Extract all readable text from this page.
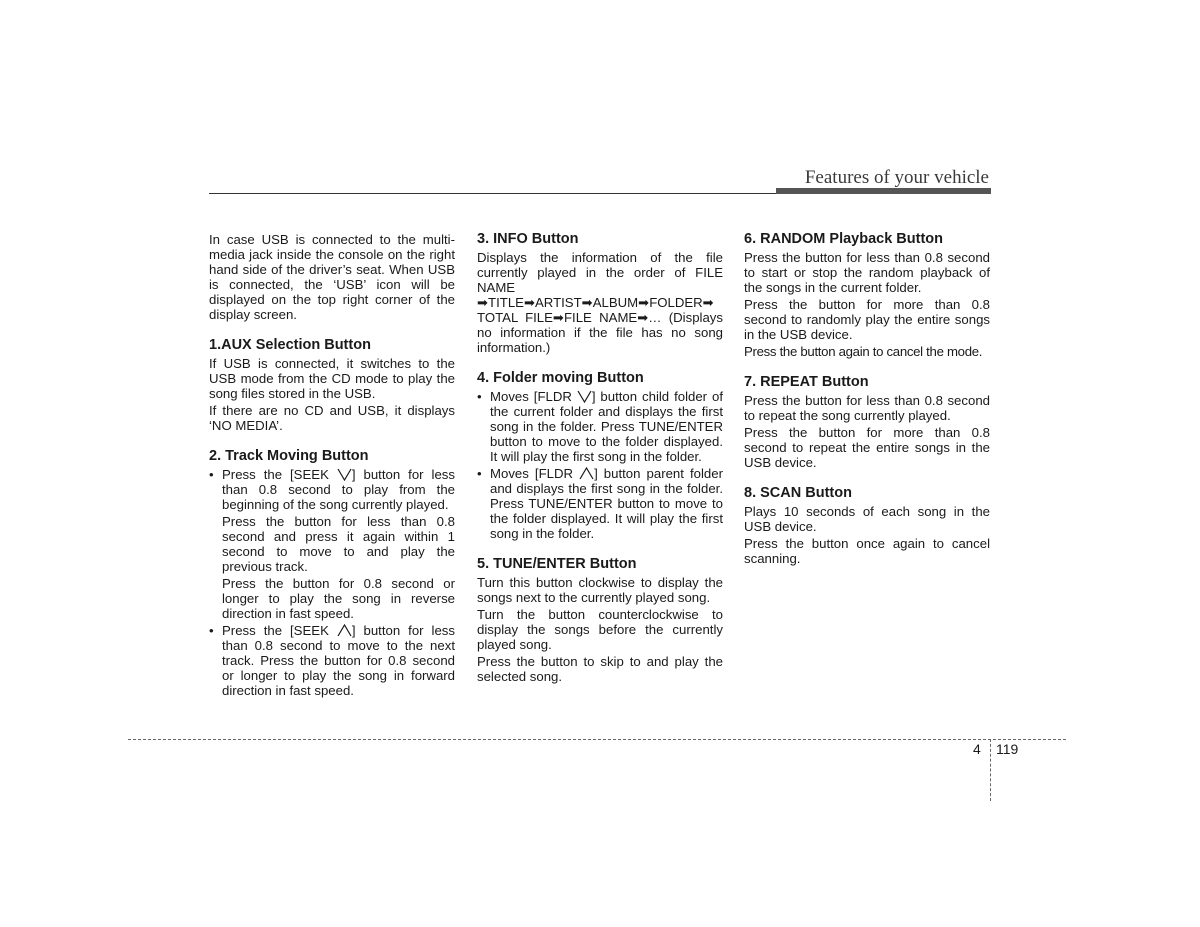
Features of your vehicle

In case USB is connected to the multi-media jack inside the console on the right hand side of the driver’s seat. When USB is connected, the ‘USB’ icon will be displayed on the top right corner of the display screen.

1.AUX Selection Button

If USB is connected, it switches to the USB mode from the CD mode to play the song files stored in the USB.

If there are no CD and USB, it displays ‘NO MEDIA’.

2. Track Moving Button
• Press the [SEEK ] button for less than 0.8 second to play from the beginning of the song currently played.

Press the button for less than 0.8 second and press it again within 1 second to move to and play the previous track.

Press the button for 0.8 second or longer to play the song in reverse direction in fast speed.

• Press the [SEEK ] button for less than 0.8 second to move to the next track. Press the button for 0.8 second or longer to play the song in forward direction in fast speed.
3. INFO Button

Displays the information of the file currently played in the order of FILE NAME ➡TITLE➡ARTIST➡ALBUM➡FOLDER➡ TOTAL FILE➡FILE NAME➡… (Displays no information if the file has no song information.)

4. Folder moving Button
• Moves [FLDR ] button child folder of the current folder and displays the first song in the folder. Press TUNE/ENTER button to move to the folder displayed. It will play the first song in the folder.
• Moves [FLDR ] button parent folder and displays the first song in the folder. Press TUNE/ENTER button to move to the folder displayed. It will play the first song in the folder.
5. TUNE/ENTER Button

Turn this button clockwise to display the songs next to the currently played song.

Turn the button counterclockwise to display the songs before the currently played song.

Press the button to skip to and play the selected song.

6. RANDOM Playback Button

Press the button for less than 0.8 second to start or stop the random playback of the songs in the current folder.

Press the button for more than 0.8 second to randomly play the entire songs in the USB device.

Press the button again to cancel the mode.

7. REPEAT Button

Press the button for less than 0.8 second to repeat the song currently played.

Press the button for more than 0.8 second to repeat the entire songs in the USB device.

8. SCAN Button

Plays 10 seconds of each song in the USB device.

Press the button once again to cancel scanning.

4 119
